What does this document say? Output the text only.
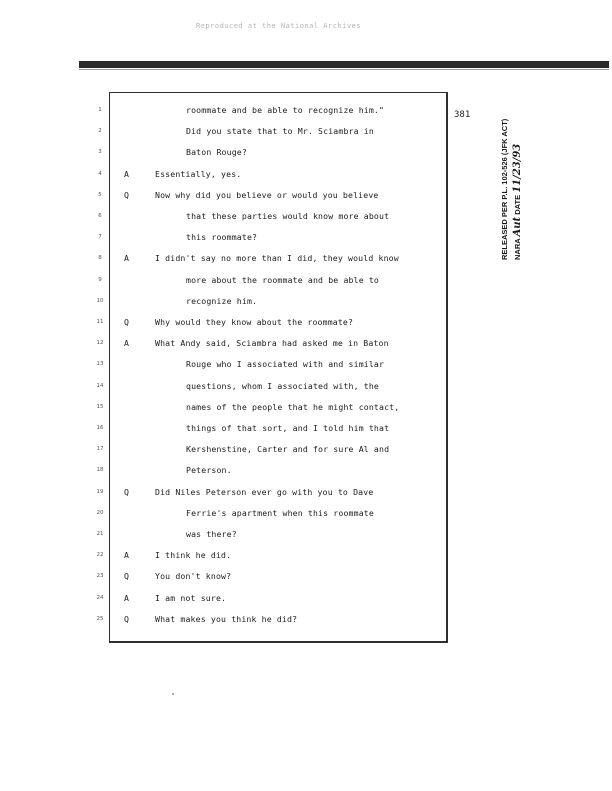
Reproduced at the National Archives
381
RELEASED PER P.L. 102-526 (JFK ACT) NARA Aut DATE 11/23/93
1	roommate and be able to recognize him."
2	Did you state that to Mr. Sciambra in
3	Baton Rouge?
4	A	Essentially, yes.
5	Q	Now why did you believe or would you believe
6	that these parties would know more about
7	this roommate?
8	A	I didn't say no more than I did, they would know
9	more about the roommate and be able to
10	recognize him.
11	Q	Why would they know about the roommate?
12	A	What Andy said, Sciambra had asked me in Baton
13	Rouge who I associated with and similar
14	questions, whom I associated with, the
15	names of the people that he might contact,
16	things of that sort, and I told him that
17	Kershenstine, Carter and for sure Al and
18	Peterson.
19	Q	Did Niles Peterson ever go with you to Dave
20	Ferrie's apartment when this roommate
21	was there?
22	A	I think he did.
23	Q	You don't know?
24	A	I am not sure.
25	Q	What makes you think he did?
